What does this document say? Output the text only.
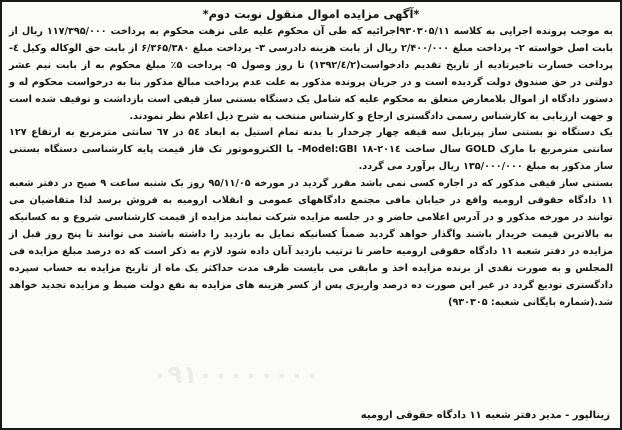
*آگهی مزایده اموال منقول نوبت دوم*

به موجب پرونده اجرایی به کلاسه ۹۳۰۳۰۵/۱۱اجرائیه که طی آن محکوم علیه علی نزهت محکوم به پرداخت ۱۱۷/۳۹۵/۰۰۰ ریال از بابت اصل خواسته ۲- پرداخت مبلغ ۲/۴۰۰/۰۰۰ ریال از بابت هزینه دادرسی ۳- پرداخت مبلغ ۶/۳۶۵/۳۸۰ از بابت حق الوکاله وکیل ٤- پرداخت خسارت تاخیرتادیه از تاریخ تقدیم دادخواست(۱۳۹۲/٤/۲) تا روز وصول ۵- پرداخت ۵٪ مبلغ محکوم به از بابت نیم عشر دولتی در حق صندوق دولت گردیده است و در جریان پرونده مذکور به علت عدم پرداخت مبالغ مذکور بنا به درخواست محکوم له و دستور دادگاه از اموال بلامعارض متعلق به محکوم علیه که شامل یک دستگاه بستنی ساز قیفی است بازداشت و توقیف شده است و جهت ارزیابی به کارشناس رسمی دادگستری ارجاع و کارشناس منتخب به شرح ذیل اعلام نظر نمودند.

یک دستگاه نو بستنی ساز پیرتابل سه قیفه چهار چرخدار با بدنه تمام استیل به ابعاد ۵٤ در ٦۷ سانتی مترمربع به ارتفاع ۱۲۷ سانتی مترمربع با مارک GOLD سال ساخت ۲۰۱٤-۱۸ Model:GBI- با الکتروموتور تک فاز قیمت پایه کارشناسی دستگاه بستنی ساز مذکور به مبلغ ۱۳۵/۰۰۰/۰۰۰ ریال برآورد می گردد.

بستنی ساز قیفی مذکور که در اجاره کسی نمی باشد مقرر گردید در مورخه ۹۵/۱۱/۰۵ روز یک شنبه ساعت ۹ صبح در دفتر شعبه ۱۱ دادگاه حقوقی ارومیه واقع در خیابان مافی مجتمع دادگاههای عمومی و انقلاب ارومیه به فروش برسد لذا متقاضیان می توانند در مورخه مذکور و در آدرس اعلامی حاضر و در جلسه مزایده شرکت نمایند مزایده از قیمت کارشناسی شروع و به کسانیکه به بالاترین قیمت خریدار باشند واگذار خواهد گردید ضمناً کسانیکه تمایل به بازدید را داشته باشند می توانند تا پنج روز قبل از مزایده در دفتر شعبه ۱۱ دادگاه حقوقی ارومیه حاضر تا ترتیب بازدید آنان داده شود لازم به ذکر است که ده درصد مبلغ مزایده فی المجلس و به صورت نقدی از برنده مزایده اخذ و مابقی می بایست ظرف مدت حداکثر یک ماه از تاریخ مزایده به حساب سپرده دادگستری تودیع گردد در غیر این صورت ده درصد واریزی پس از کسر هزینه های مزایده به نفع دولت ضبط و مزایده تجدید خواهد شد.(شماره بایگانی شعبه: ۹۳۰۳۰۵)

۰۹۱۰۰۰۰۰۰۰۰
زینالپور - مدیر دفتر شعبه ۱۱ دادگاه حقوقی ارومیه
